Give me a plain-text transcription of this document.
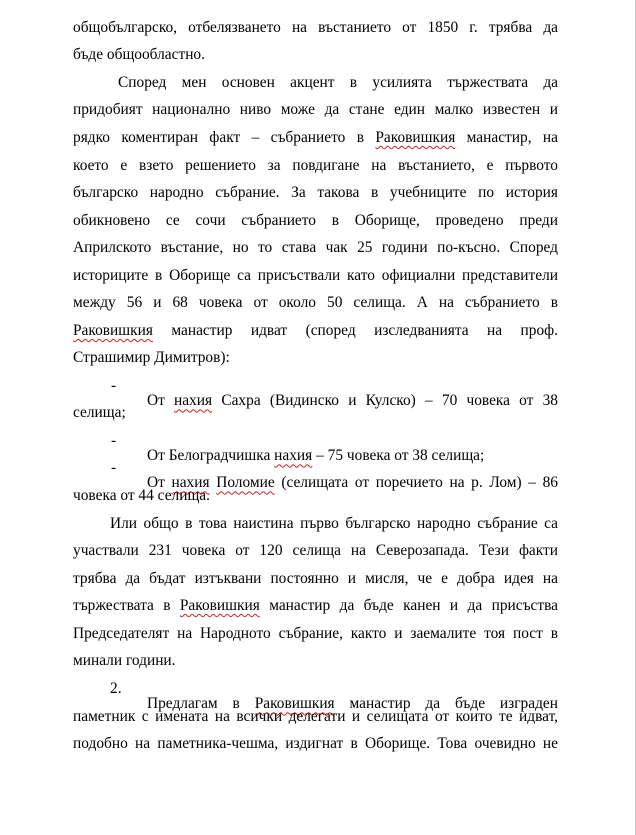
общобългарско, отбелязването на въстанието от 1850 г. трябва да

бъде общообластно.

Според мен основен акцент в усилията тържествата да

придобият национално ниво може да стане един малко известен и

рядко коментиран факт – събранието в Раковишкия манастир, на

което е взето решението за повдигане на въстанието, е първото

българско народно събрание. За такова в учебниците по история

обикновено се сочи събранието в Оборище, проведено преди

Априлското въстание, но то става чак 25 години по-късно. Според

историците в Оборище са присъствали като официални представители

между 56 и 68 човека от около 50 селища. А на събранието в

Раковишкия манастир идват (според изследванията на проф.

Страшимир Димитров):

-

От нахия Сахра (Видинско и Кулско) – 70 човека от 38

селища;

-

От Белоградчишка нахия – 75 човека от 38 селища;

-

От нахия Поломие (селищата от поречието на р. Лом) – 86

човека от 44 селища.

Или общо в това наистина първо българско народно събрание са

участвали 231 човека от 120 селища на Северозапада. Тези факти

трябва да бъдат изтъквани постоянно и мисля, че е добра идея на

тържествата в Раковишкия манастир да бъде канен и да присъства

Председателят на Народното събрание, както и заемалите тоя пост в

минали години.

2.

Предлагам в Раковишкия манастир да бъде изграден

паметник с имената на всички делегати и селищата от които те идват,

подобно на паметника-чешма, издигнат в Оборище. Това очевидно не
